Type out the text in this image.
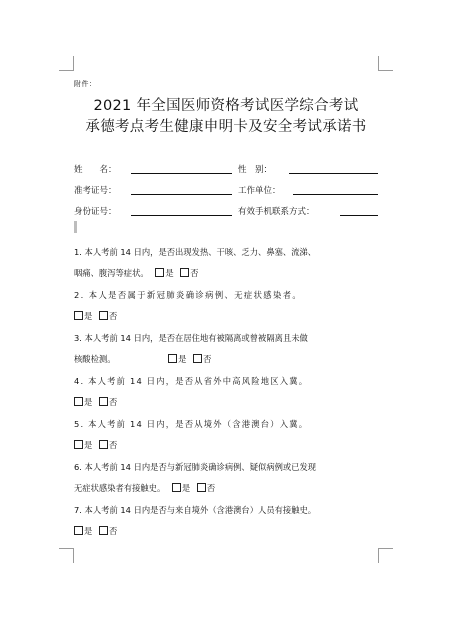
附件：
2021 年全国医师资格考试医学综合考试
承德考点考生健康申明卡及安全考试承诺书
姓　　名：	性　别：
准考证号：	工作单位：
身份证号：	有效手机联系方式：
1. 本人考前 14 日内，是否出现发热、干咳、乏力、鼻塞、流涕、
咽痛、腹泻等症状。 是 否
2. 本人是否属于新冠肺炎确诊病例、无症状感染者。
是 否
3. 本人考前 14 日内，是否在居住地有被隔离或曾被隔离且未做
核酸检测。	是 否
4. 本人考前 14 日内，是否从省外中高风险地区入冀。
是 否
5. 本人考前 14 日内，是否从境外（含港澳台）入冀。
是 否
6. 本人考前 14 日内是否与新冠肺炎确诊病例、疑似病例或已发现
无症状感染者有接触史。 是 否
7. 本人考前 14 日内是否与来自境外（含港澳台）人员有接触史。
是 否
